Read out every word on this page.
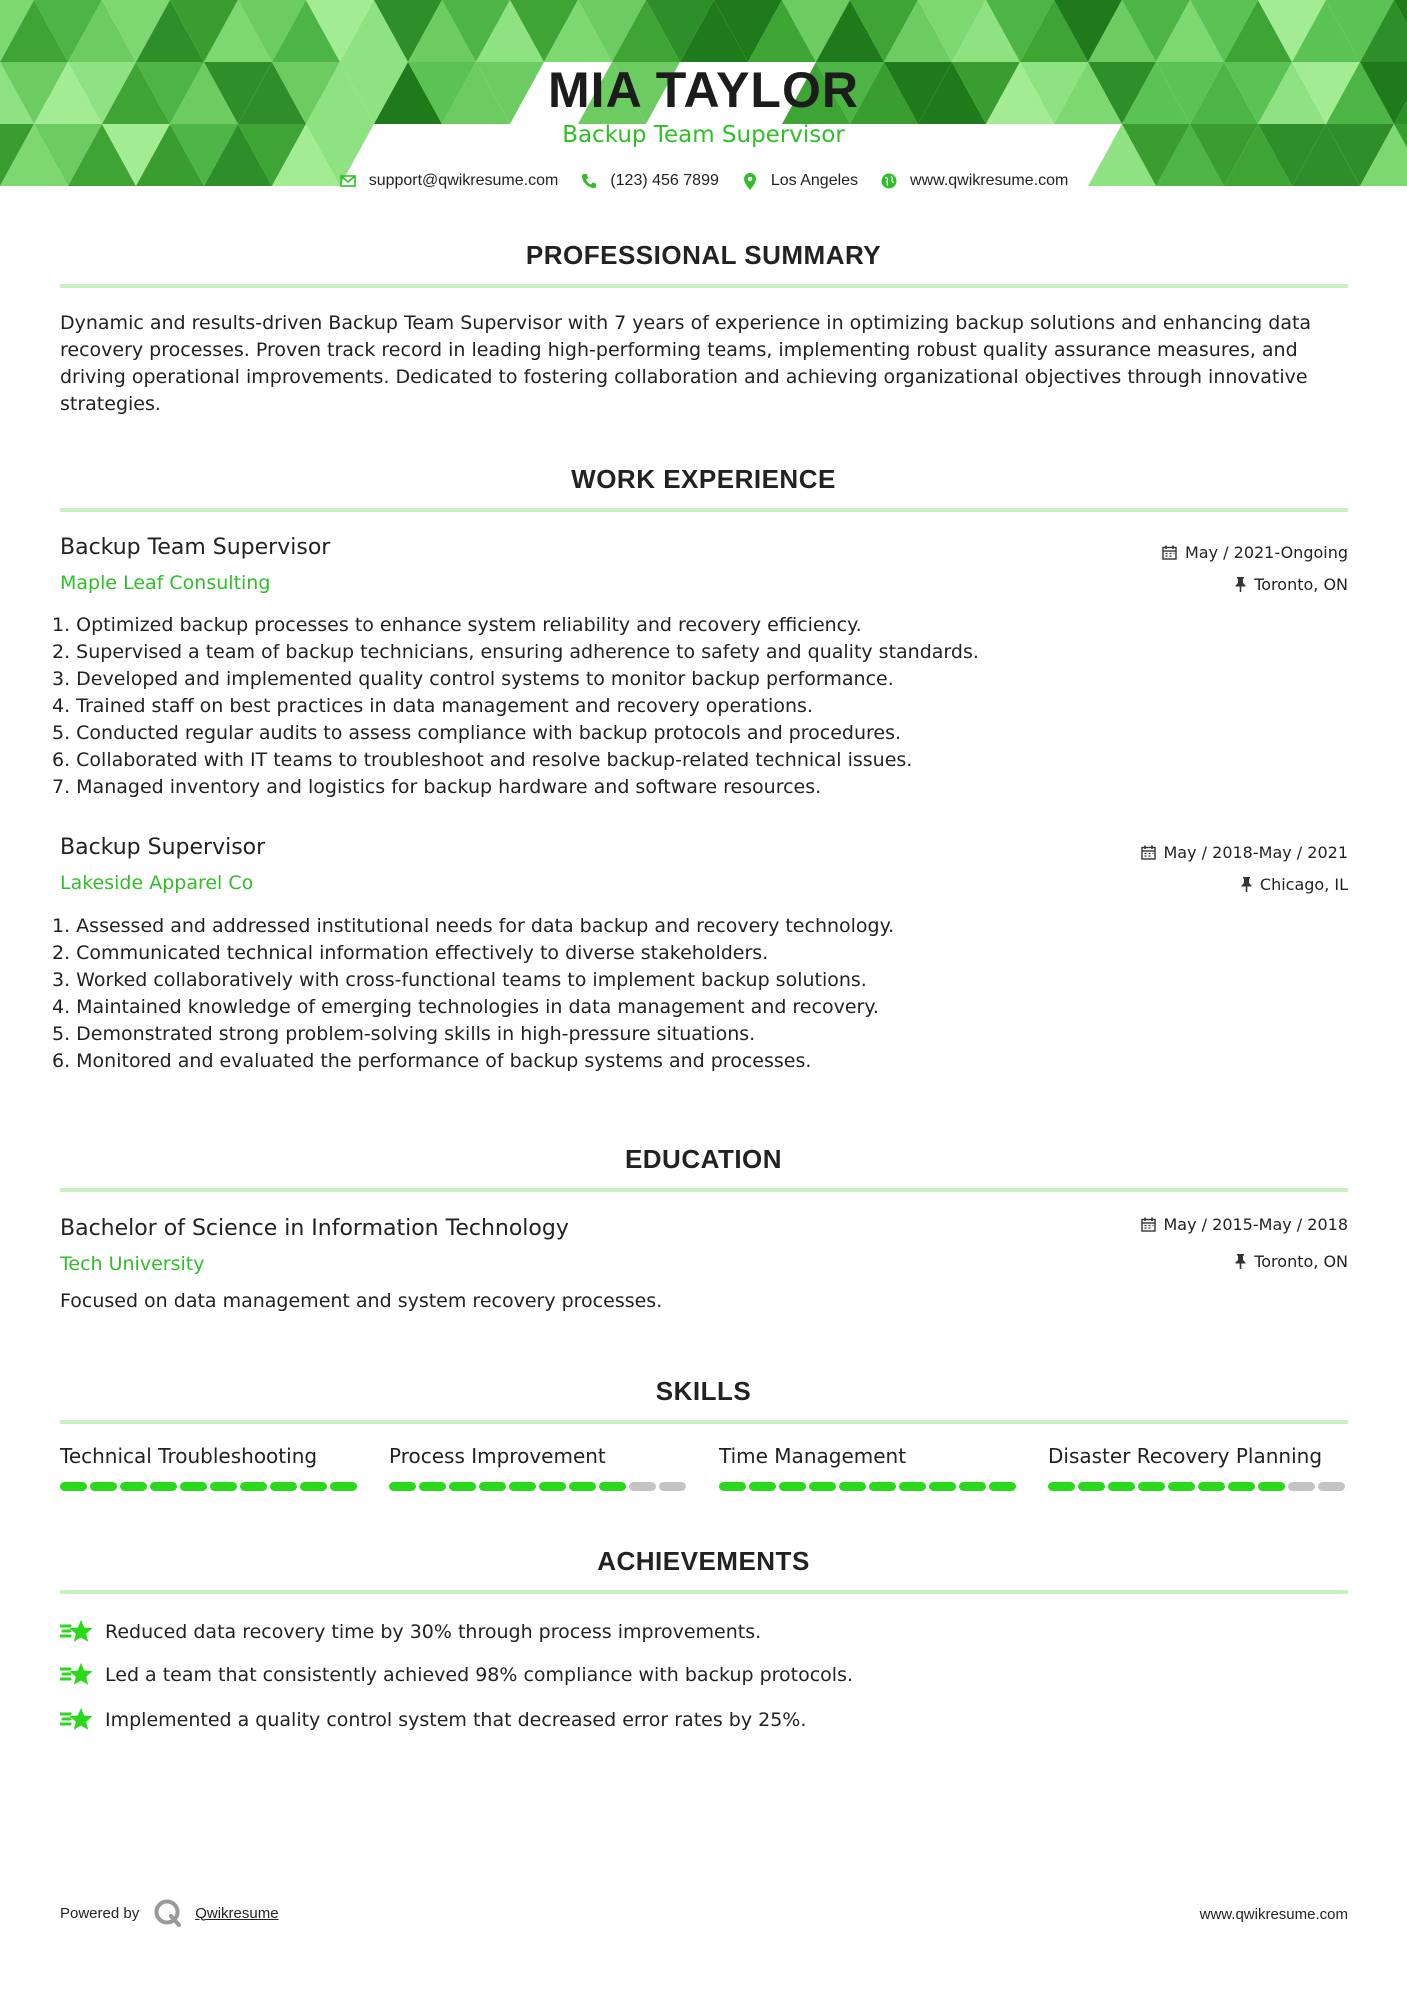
MIA TAYLOR
Backup Team Supervisor
support@qwikresume.com	(123) 456 7899	Los Angeles	www.qwikresume.com
PROFESSIONAL SUMMARY
Dynamic and results-driven Backup Team Supervisor with 7 years of experience in optimizing backup solutions and enhancing data recovery processes. Proven track record in leading high-performing teams, implementing robust quality assurance measures, and driving operational improvements. Dedicated to fostering collaboration and achieving organizational objectives through innovative strategies.
WORK EXPERIENCE
Backup Team Supervisor
Maple Leaf Consulting
May / 2021-Ongoing
Toronto, ON
1. Optimized backup processes to enhance system reliability and recovery efficiency.
2. Supervised a team of backup technicians, ensuring adherence to safety and quality standards.
3. Developed and implemented quality control systems to monitor backup performance.
4. Trained staff on best practices in data management and recovery operations.
5. Conducted regular audits to assess compliance with backup protocols and procedures.
6. Collaborated with IT teams to troubleshoot and resolve backup-related technical issues.
7. Managed inventory and logistics for backup hardware and software resources.
Backup Supervisor
Lakeside Apparel Co
May / 2018-May / 2021
Chicago, IL
1. Assessed and addressed institutional needs for data backup and recovery technology.
2. Communicated technical information effectively to diverse stakeholders.
3. Worked collaboratively with cross-functional teams to implement backup solutions.
4. Maintained knowledge of emerging technologies in data management and recovery.
5. Demonstrated strong problem-solving skills in high-pressure situations.
6. Monitored and evaluated the performance of backup systems and processes.
EDUCATION
Bachelor of Science in Information Technology
Tech University
May / 2015-May / 2018
Toronto, ON
Focused on data management and system recovery processes.
SKILLS
Technical Troubleshooting	Process Improvement	Time Management	Disaster Recovery Planning
ACHIEVEMENTS
Reduced data recovery time by 30% through process improvements.
Led a team that consistently achieved 98% compliance with backup protocols.
Implemented a quality control system that decreased error rates by 25%.
Powered by	Qwikresume	www.qwikresume.com
